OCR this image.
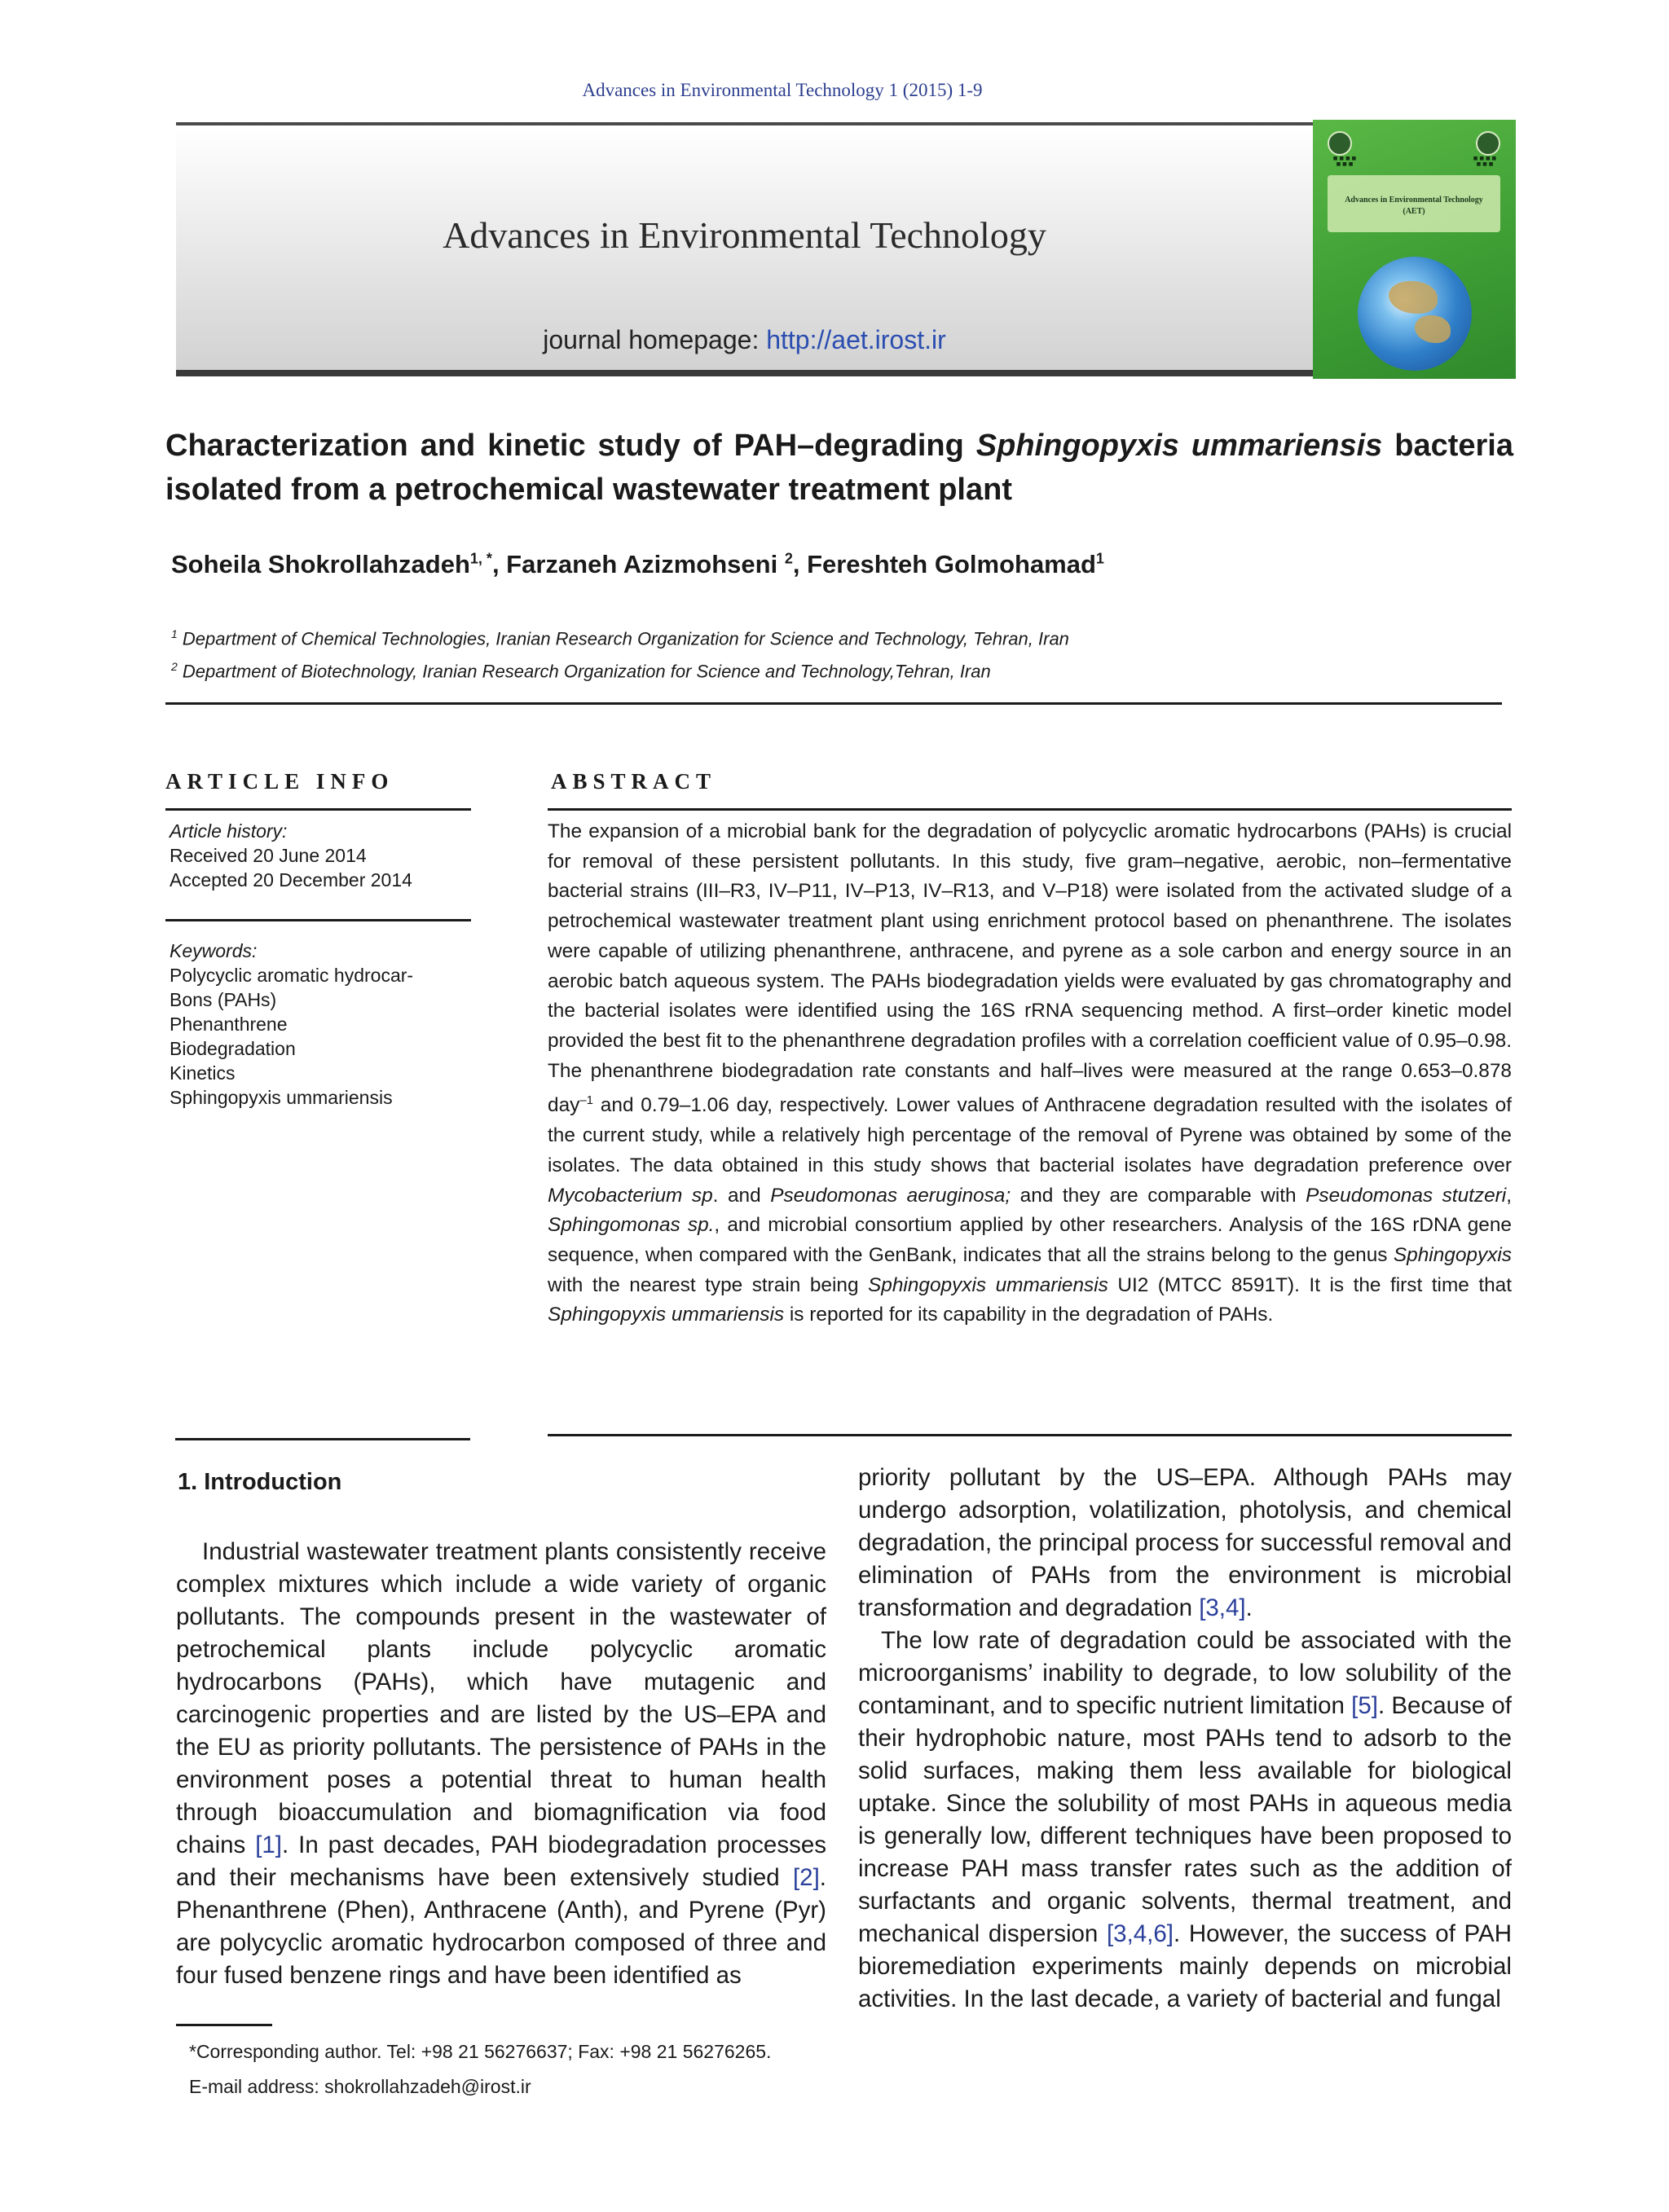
Advances in Environmental Technology 1 (2015) 1-9
Advances in Environmental Technology
journal homepage: http://aet.irost.ir
■ ■ ■ ■
■ ■ ■
■ ■ ■ ■
■ ■ ■
Advances in Environmental Technology
(AET)
Characterization and kinetic study of PAH–degrading Sphingopyxis ummariensis bacteria isolated from a petrochemical wastewater treatment plant
Soheila Shokrollahzadeh$^{1, *}$, Farzaneh Azizmohseni $^2$, Fereshteh Golmohamad$^1$
$^1$ Department of Chemical Technologies, Iranian Research Organization for Science and Technology, Tehran, Iran
$^2$ Department of Biotechnology, Iranian Research Organization for Science and Technology,Tehran, Iran
ARTICLE INFO
Article history:
Received 20 June 2014
Accepted 20 December 2014
Keywords:
Polycyclic aromatic hydrocar-
Bons (PAHs)
Phenanthrene
Biodegradation
Kinetics
Sphingopyxis ummariensis
ABSTRACT
The expansion of a microbial bank for the degradation of polycyclic aromatic hydrocarbons (PAHs) is crucial for removal of these persistent pollutants. In this study, five gram–negative, aerobic, non–fermentative bacterial strains (III–R3, IV–P11, IV–P13, IV–R13, and V–P18) were isolated from the activated sludge of a petrochemical wastewater treatment plant using enrichment protocol based on phenanthrene. The isolates were capable of utilizing phenanthrene, anthracene, and pyrene as a sole carbon and energy source in an aerobic batch aqueous system. The PAHs biodegradation yields were evaluated by gas chromatography and the bacterial isolates were identified using the 16S rRNA sequencing method. A first–order kinetic model provided the best fit to the phenanthrene degradation profiles with a correlation coefficient value of 0.95–0.98. The phenanthrene biodegradation rate constants and half–lives were measured at the range 0.653–0.878 day$^{-1}$ and 0.79–1.06 day, respectively. Lower values of Anthracene degradation resulted with the isolates of the current study, while a relatively high percentage of the removal of Pyrene was obtained by some of the isolates. The data obtained in this study shows that bacterial isolates have degradation preference over Mycobacterium sp. and Pseudomonas aeruginosa; and they are comparable with Pseudomonas stutzeri, Sphingomonas sp., and microbial consortium applied by other researchers. Analysis of the 16S rDNA gene sequence, when compared with the GenBank, indicates that all the strains belong to the genus Sphingopyxis with the nearest type strain being Sphingopyxis ummariensis UI2 (MTCC 8591T). It is the first time that Sphingopyxis ummariensis is reported for its capability in the degradation of PAHs.
1. Introduction
Industrial wastewater treatment plants consistently receive complex mixtures which include a wide variety of organic pollutants. The compounds present in the wastewater of petrochemical plants include polycyclic aromatic hydrocarbons (PAHs), which have mutagenic and carcinogenic properties and are listed by the US–EPA and the EU as priority pollutants. The persistence of PAHs in the environment poses a potential threat to human health through bioaccumulation and biomagnification via food chains [1]. In past decades, PAH biodegradation processes and their mechanisms have been extensively studied [2]. Phenanthrene (Phen), Anthracene (Anth), and Pyrene (Pyr) are polycyclic aromatic hydrocarbon composed of three and four fused benzene rings and have been identified as
priority pollutant by the US–EPA. Although PAHs may undergo adsorption, volatilization, photolysis, and chemical degradation, the principal process for successful removal and elimination of PAHs from the environment is microbial transformation and degradation [3,4].
The low rate of degradation could be associated with the microorganisms’ inability to degrade, to low solubility of the contaminant, and to specific nutrient limitation [5]. Because of their hydrophobic nature, most PAHs tend to adsorb to the solid surfaces, making them less available for biological uptake. Since the solubility of most PAHs in aqueous media is generally low, different techniques have been proposed to increase PAH mass transfer rates such as the addition of surfactants and organic solvents, thermal treatment, and mechanical dispersion [3,4,6]. However, the success of PAH bioremediation experiments mainly depends on microbial activities. In the last decade, a variety of bacterial and fungal
*Corresponding author. Tel: +98 21 56276637; Fax: +98 21 56276265.
E-mail address: shokrollahzadeh@irost.ir
